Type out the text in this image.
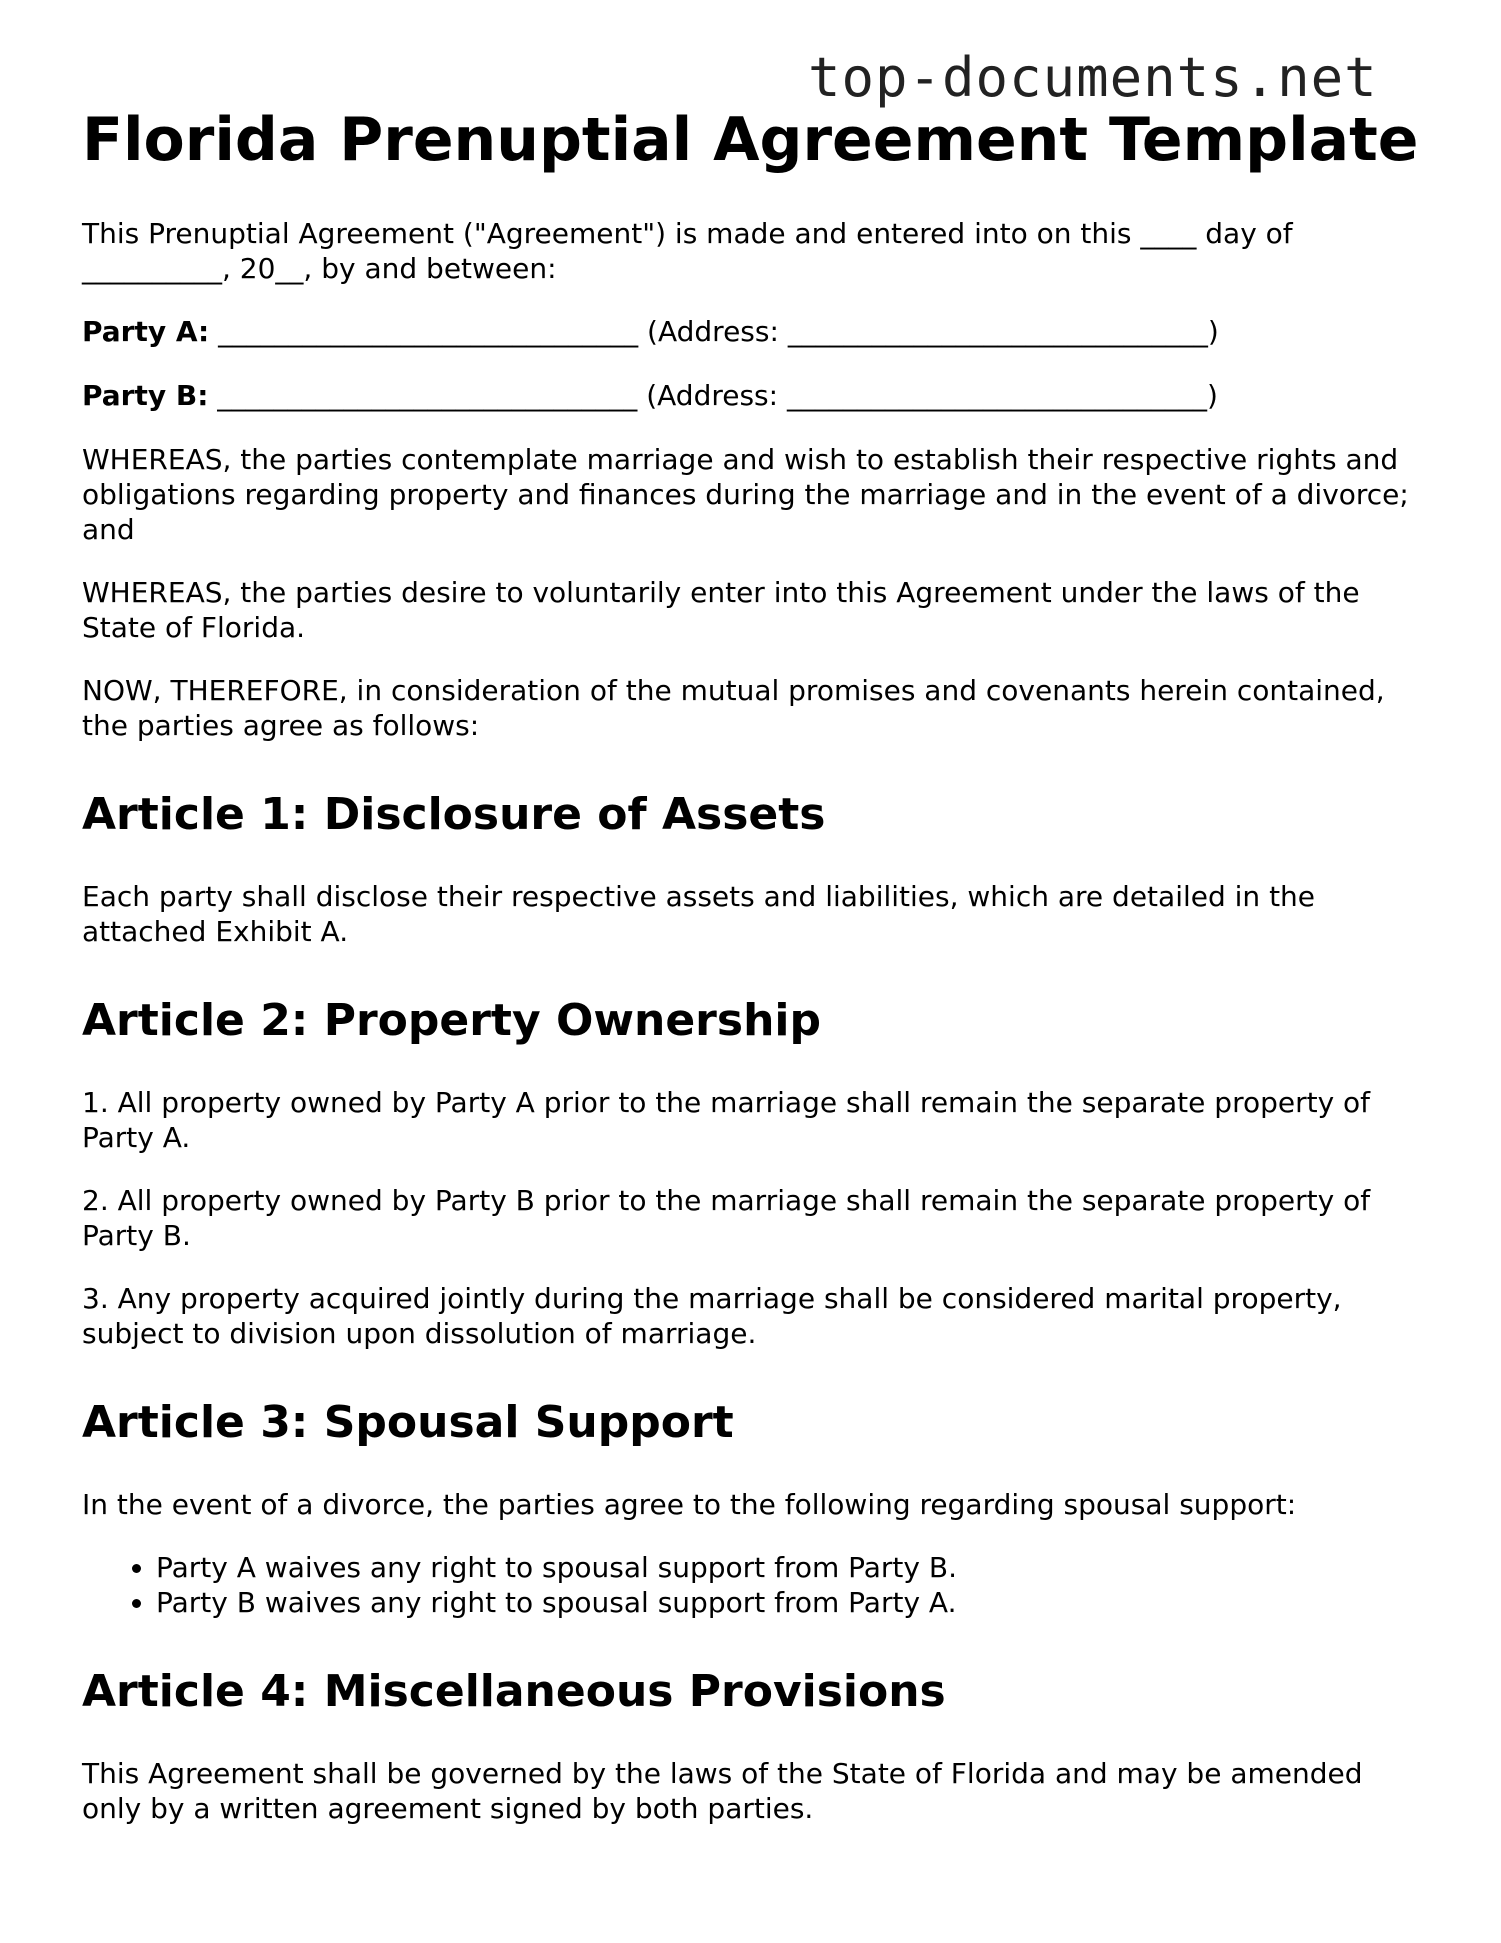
top-documents.net
Florida Prenuptial Agreement Template

This Prenuptial Agreement ("Agreement") is made and entered into on this ____ day of
__________, 20__, by and between:

Party A: ______________________________ (Address: ______________________________)

Party B: ______________________________ (Address: ______________________________)

WHEREAS, the parties contemplate marriage and wish to establish their respective rights and obligations regarding property and finances during the marriage and in the event of a divorce; and

WHEREAS, the parties desire to voluntarily enter into this Agreement under the laws of the State of Florida.

NOW, THEREFORE, in consideration of the mutual promises and covenants herein contained, the parties agree as follows:

Article 1: Disclosure of Assets

Each party shall disclose their respective assets and liabilities, which are detailed in the attached Exhibit A.

Article 2: Property Ownership

1. All property owned by Party A prior to the marriage shall remain the separate property of Party A.

2. All property owned by Party B prior to the marriage shall remain the separate property of Party B.

3. Any property acquired jointly during the marriage shall be considered marital property, subject to division upon dissolution of marriage.

Article 3: Spousal Support

In the event of a divorce, the parties agree to the following regarding spousal support:

• Party A waives any right to spousal support from Party B.
• Party B waives any right to spousal support from Party A.
Article 4: Miscellaneous Provisions

This Agreement shall be governed by the laws of the State of Florida and may be amended only by a written agreement signed by both parties.
